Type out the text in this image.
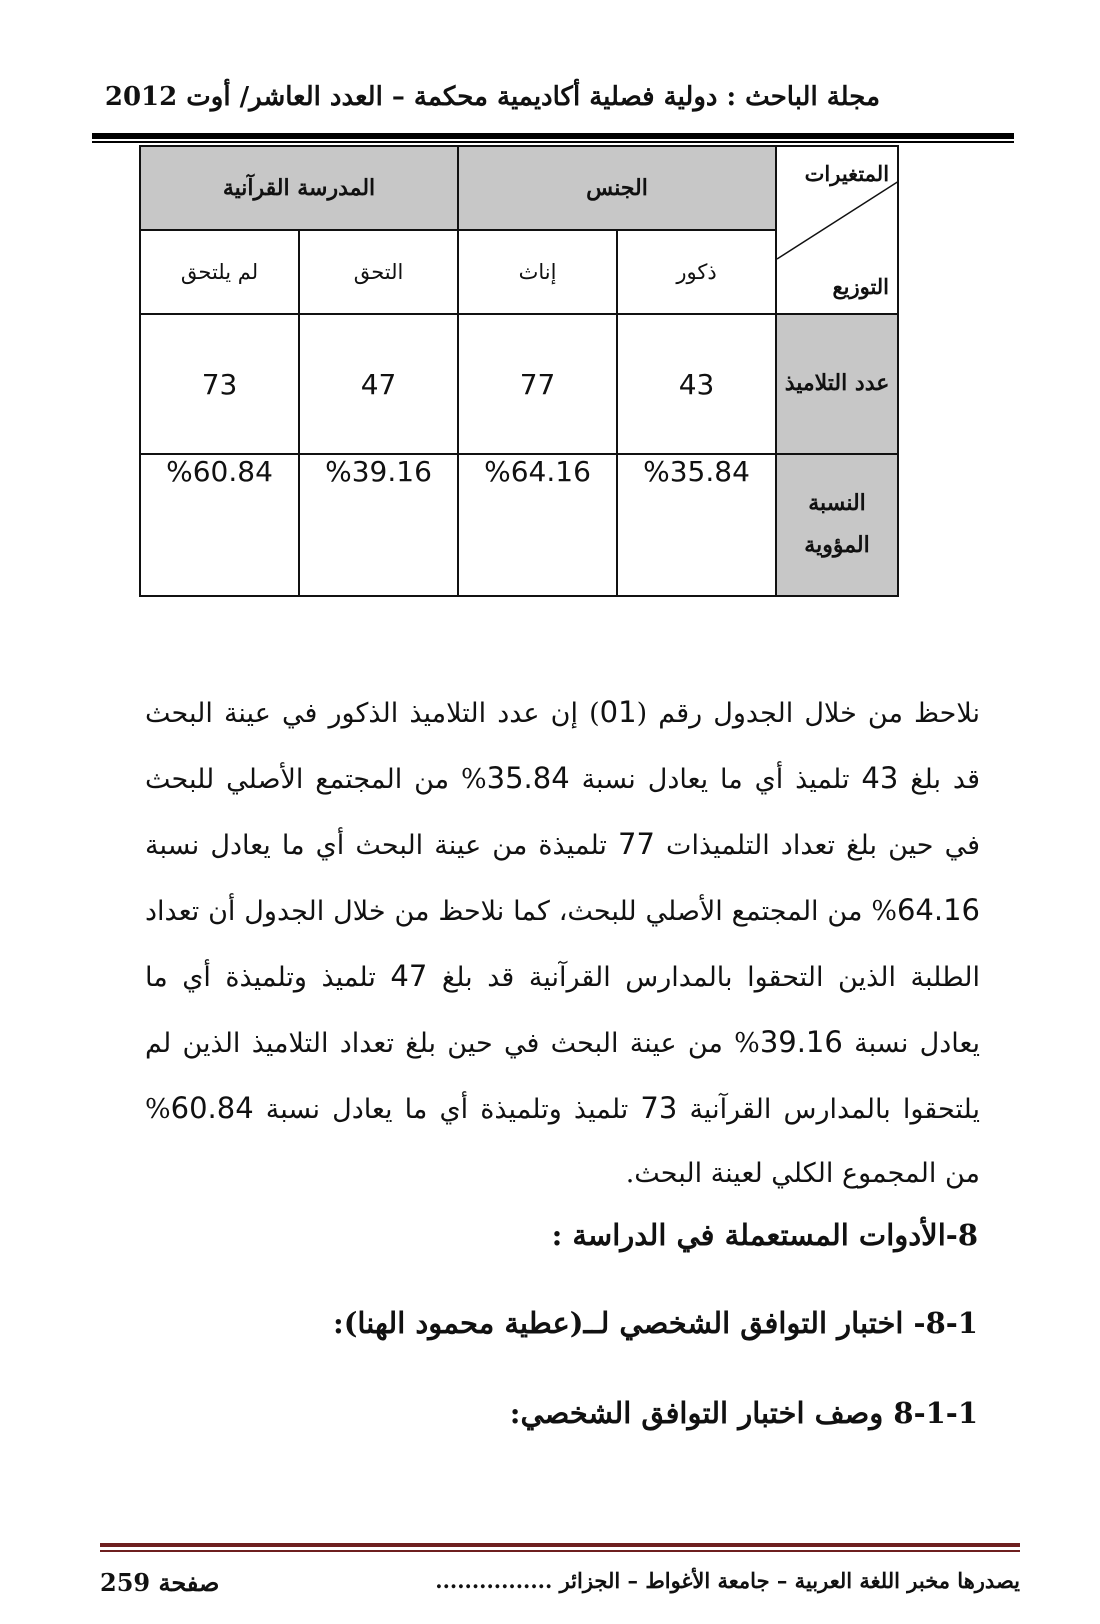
مجلة الباحث : دولية فصلية أكاديمية محكمة – العدد العاشر/ أوت 2012
المتغيرات
التوزيع	الجنس		المدرسة القرآنية	
	ذكور	إناث	التحق	لم يلتحق
عدد التلاميذ	43	77	47	73
النسبة المؤوية	%35.84	%64.16	%39.16	%60.84
نلاحظ من خلال الجدول رقم (01) إن عدد التلاميذ الذكور في عينة البحث قد بلغ 43 تلميذ أي ما يعادل نسبة 35.84% من المجتمع الأصلي للبحث في حين بلغ تعداد التلميذات 77 تلميذة من عينة البحث أي ما يعادل نسبة 64.16% من المجتمع الأصلي للبحث، كما نلاحظ من خلال الجدول أن تعداد الطلبة الذين التحقوا بالمدارس القرآنية قد بلغ 47 تلميذ وتلميذة أي ما يعادل نسبة 39.16% من عينة البحث في حين بلغ تعداد التلاميذ الذين لم يلتحقوا بالمدارس القرآنية 73 تلميذ وتلميذة أي ما يعادل نسبة 60.84% من المجموع الكلي لعينة البحث.
8-الأدوات المستعملة في الدراسة :
8-1- اختبار التوافق الشخصي لــ(عطية محمود الهنا):
8-1-1 وصف اختبار التوافق الشخصي:
يصدرها مخبر اللغة العربية – جامعة الأغواط – الجزائر ................
صفحة 259
